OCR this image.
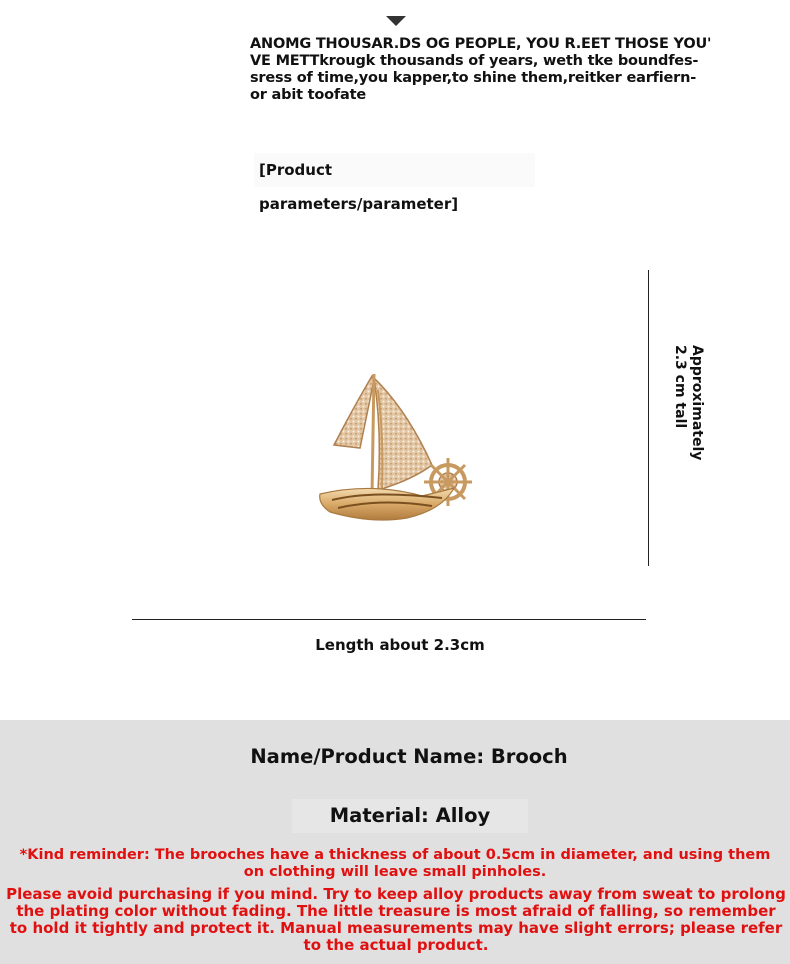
ANOMG THOUSAR.DS OG PEOPLE, YOU R.EET THOSE YOU'
VE METTkrougk thousands of years, weth tke boundfes-
sress of time,you kapper,to shine them,reitker earfiern-
or abit toofate
[Product parameters/parameter]
Approximately 2.3 cm tall
Length about 2.3cm
Name/Product Name: Brooch
Material: Alloy
*Kind reminder: The brooches have a thickness of about 0.5cm in diameter, and using them on clothing will leave small pinholes.
Please avoid purchasing if you mind. Try to keep alloy products away from sweat to prolong the plating color without fading. The little treasure is most afraid of falling, so remember to hold it tightly and protect it. Manual measurements may have slight errors; please refer to the actual product.
